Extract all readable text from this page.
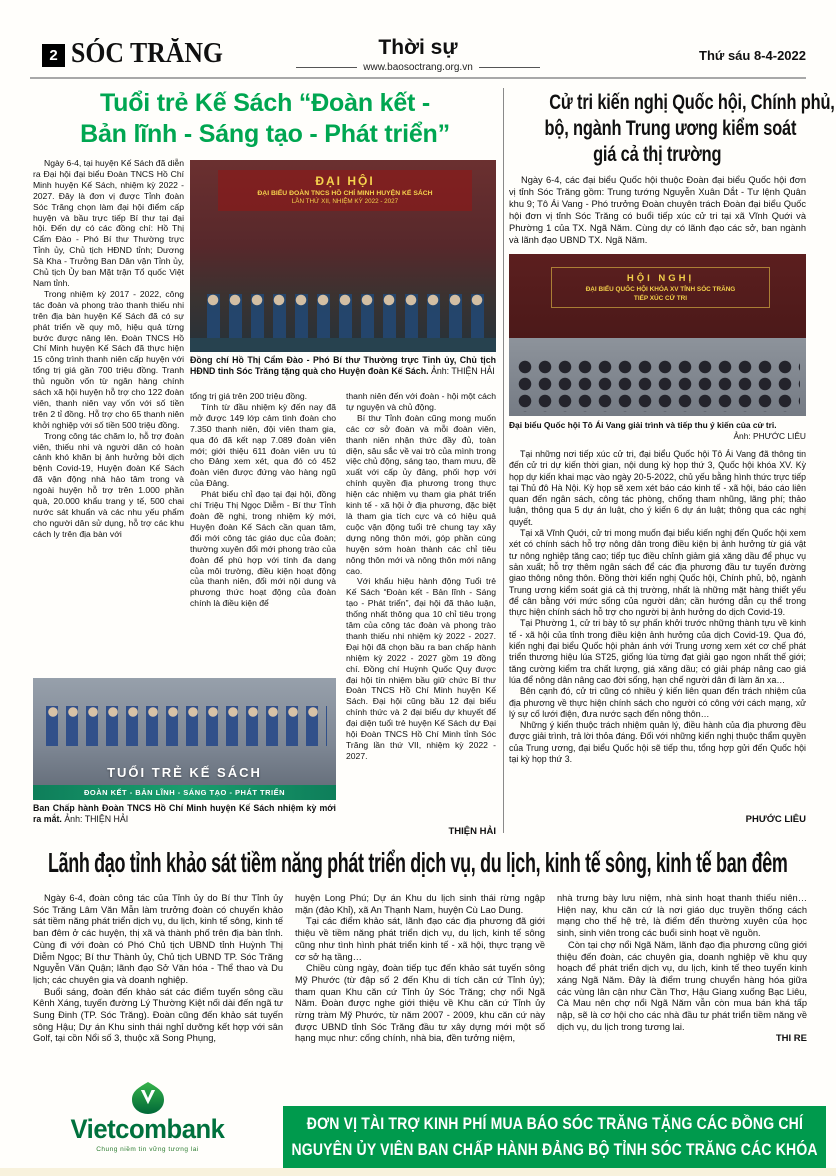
2 SÓC TRĂNG	Thời sự
www.baosoctrang.org.vn
Thứ sáu 8-4-2022
Tuổi trẻ Kế Sách “Đoàn kết -
Bản lĩnh - Sáng tạo - Phát triển”

Ngày 6-4, tại huyện Kế Sách đã diễn ra Đại hội đại biểu Đoàn TNCS Hồ Chí Minh huyện Kế Sách, nhiệm kỳ 2022 - 2027. Đây là đơn vị được Tỉnh đoàn Sóc Trăng chọn làm đại hội điểm cấp huyện và bầu trực tiếp Bí thư tại đại hội. Đến dự có các đồng chí: Hồ Thị Cẩm Đào - Phó Bí thư Thường trực Tỉnh ủy, Chủ tịch HĐND tỉnh; Dương Sà Kha - Trưởng Ban Dân vận Tỉnh ủy, Chủ tịch Ủy ban Mặt trận Tổ quốc Việt Nam tỉnh.

Trong nhiệm kỳ 2017 - 2022, công tác đoàn và phong trào thanh thiếu nhi trên địa bàn huyện Kế Sách đã có sự phát triển về quy mô, hiệu quả từng bước được nâng lên. Đoàn TNCS Hồ Chí Minh huyện Kế Sách đã thực hiện 15 công trình thanh niên cấp huyện với tổng trị giá gần 700 triệu đồng. Tranh thủ nguồn vốn từ ngân hàng chính sách xã hội huyện hỗ trợ cho 122 đoàn viên, thanh niên vay vốn với số tiền trên 2 tỉ đồng. Hỗ trợ cho 65 thanh niên khởi nghiệp với số tiền 500 triệu đồng.

Trong công tác chăm lo, hỗ trợ đoàn viên, thiếu nhi và người dân có hoàn cảnh khó khăn bị ảnh hưởng bởi dịch bệnh Covid-19, Huyện đoàn Kế Sách đã vận động nhà hảo tâm trong và ngoài huyện hỗ trợ trên 1.000 phần quà, 20.000 khẩu trang y tế, 500 chai nước sát khuẩn và các nhu yếu phẩm cho người dân sử dụng, hỗ trợ các khu cách ly trên địa bàn với

ĐẠI HỘI
ĐẠI BIỂU ĐOÀN TNCS HỒ CHÍ MINH HUYỆN KẾ SÁCH
LẦN THỨ XII, NHIỆM KỲ 2022 - 2027
Đồng chí Hồ Thị Cẩm Đào - Phó Bí thư Thường trực Tỉnh ủy, Chủ tịch HĐND tỉnh Sóc Trăng tặng quà cho Huyện đoàn Kế Sách. Ảnh: THIỆN HẢI

tổng trị giá trên 200 triệu đồng.

Tính từ đầu nhiệm kỳ đến nay đã mở được 149 lớp cảm tình đoàn cho 7.350 thanh niên, đội viên tham gia, qua đó đã kết nạp 7.089 đoàn viên mới; giới thiệu 611 đoàn viên ưu tú cho Đảng xem xét, qua đó có 452 đoàn viên được đứng vào hàng ngũ của Đảng.

Phát biểu chỉ đạo tại đại hội, đồng chí Triệu Thị Ngọc Diễm - Bí thư Tỉnh đoàn đề nghị, trong nhiệm kỳ mới, Huyện đoàn Kế Sách cần quan tâm, đổi mới công tác giáo dục của đoàn; thường xuyên đổi mới phong trào của đoàn để phù hợp với tính đa dạng của môi trường, điều kiện hoạt động của thanh niên, đổi mới nội dung và phương thức hoạt động của đoàn chính là điều kiện để

thanh niên đến với đoàn - hội một cách tự nguyện và chủ động.

Bí thư Tỉnh đoàn cũng mong muốn các cơ sở đoàn và mỗi đoàn viên, thanh niên nhận thức đầy đủ, toàn diện, sâu sắc về vai trò của mình trong việc chủ động, sáng tạo, tham mưu, đề xuất với cấp ủy đảng, phối hợp với chính quyền địa phương trong thực hiện các nhiệm vụ tham gia phát triển kinh tế - xã hội ở địa phương, đặc biệt là tham gia tích cực và có hiệu quả cuộc vận động tuổi trẻ chung tay xây dựng nông thôn mới, góp phần cùng huyện sớm hoàn thành các chỉ tiêu nông thôn mới và nông thôn mới nâng cao.

Với khẩu hiệu hành động Tuổi trẻ Kế Sách “Đoàn kết - Bản lĩnh - Sáng tạo - Phát triển”, đại hội đã thảo luận, thống nhất thông qua 10 chỉ tiêu trọng tâm của công tác đoàn và phong trào thanh thiếu nhi nhiệm kỳ 2022 - 2027. Đại hội đã chọn bầu ra ban chấp hành nhiệm kỳ 2022 - 2027 gồm 19 đồng chí. Đồng chí Huỳnh Quốc Quy được đại hội tín nhiệm bầu giữ chức Bí thư Đoàn TNCS Hồ Chí Minh huyện Kế Sách. Đại hội cũng bầu 12 đại biểu chính thức và 2 đại biểu dự khuyết để đại diện tuổi trẻ huyện Kế Sách dự Đại hội Đoàn TNCS Hồ Chí Minh tỉnh Sóc Trăng lần thứ VII, nhiệm kỳ 2022 - 2027.

THIỆN HẢI
TUỔI TRẺ KẾ SÁCH
ĐOÀN KẾT - BẢN LĨNH - SÁNG TẠO - PHÁT TRIỂN
Ban Chấp hành Đoàn TNCS Hồ Chí Minh huyện Kế Sách nhiệm kỳ mới ra mắt. Ảnh: THIỆN HẢI
Cử tri kiến nghị Quốc hội, Chính phủ,
bộ, ngành Trung ương kiểm soát
giá cả thị trường

Ngày 6-4, các đại biểu Quốc hội thuộc Đoàn đại biểu Quốc hội đơn vị tỉnh Sóc Trăng gồm: Trung tướng Nguyễn Xuân Dắt - Tư lệnh Quân khu 9; Tô Ái Vang - Phó trưởng Đoàn chuyên trách Đoàn đại biểu Quốc hội đơn vị tỉnh Sóc Trăng có buổi tiếp xúc cử tri tại xã Vĩnh Quới và Phường 1 của TX. Ngã Năm. Cùng dự có lãnh đạo các sở, ban ngành và lãnh đạo UBND TX. Ngã Năm.

HỘI NGHỊ
ĐẠI BIỂU QUỐC HỘI KHÓA XV TỈNH SÓC TRĂNG
TIẾP XÚC CỬ TRI
Đại biểu Quốc hội Tô Ái Vang giải trình và tiếp thu ý kiến của cử tri.
Ảnh: PHƯỚC LIÊU

Tại những nơi tiếp xúc cử tri, đại biểu Quốc hội Tô Ái Vang đã thông tin đến cử tri dự kiến thời gian, nội dung kỳ họp thứ 3, Quốc hội khóa XV. Kỳ họp dự kiến khai mạc vào ngày 20-5-2022, chủ yếu bằng hình thức trực tiếp tại Thủ đô Hà Nội. Kỳ họp sẽ xem xét báo cáo kinh tế - xã hội, báo cáo liên quan đến ngân sách, công tác phòng, chống tham nhũng, lãng phí; thảo luận, thông qua 5 dự án luật, cho ý kiến 6 dự án luật; thông qua các nghị quyết.

Tại xã Vĩnh Quới, cử tri mong muốn đại biểu kiến nghị đến Quốc hội xem xét có chính sách hỗ trợ nông dân trong điều kiện bị ảnh hưởng từ giá vật tư nông nghiệp tăng cao; tiếp tục điều chỉnh giảm giá xăng dầu để phục vụ sản xuất; hỗ trợ thêm ngân sách để các địa phương đầu tư tuyến đường giao thông nông thôn. Đồng thời kiến nghị Quốc hội, Chính phủ, bộ, ngành Trung ương kiểm soát giá cả thị trường, nhất là những mặt hàng thiết yếu để cân bằng với mức sống của người dân; cần hướng dẫn cụ thể trong thực hiện chính sách hỗ trợ cho người bị ảnh hưởng do dịch Covid-19.

Tại Phường 1, cử tri bày tỏ sự phấn khởi trước những thành tựu về kinh tế - xã hội của tỉnh trong điều kiện ảnh hưởng của dịch Covid-19. Qua đó, kiến nghị đại biểu Quốc hội phản ánh với Trung ương xem xét cơ chế phát triển thương hiệu lúa ST25, giống lúa từng đạt giải gạo ngon nhất thế giới; tăng cường kiểm tra chất lượng, giá xăng dầu; có giải pháp nâng cao giá lúa để nông dân nâng cao đời sống, hạn chế người dân đi làm ăn xa…

Bên cạnh đó, cử tri cũng có nhiều ý kiến liên quan đến trách nhiệm của địa phương về thực hiện chính sách cho người có công với cách mạng, xử lý sự cố lưới điện, đưa nước sạch đến nông thôn…

Những ý kiến thuộc trách nhiệm quản lý, điều hành của địa phương đều được giải trình, trả lời thỏa đáng. Đối với những kiến nghị thuộc thẩm quyền của Trung ương, đại biểu Quốc hội sẽ tiếp thu, tổng hợp gửi đến Quốc hội tại kỳ họp thứ 3.

PHƯỚC LIÊU
Lãnh đạo tỉnh khảo sát tiềm năng phát triển dịch vụ, du lịch, kinh tế sông, kinh tế ban đêm

Ngày 6-4, đoàn công tác của Tỉnh ủy do Bí thư Tỉnh ủy Sóc Trăng Lâm Văn Mẫn làm trưởng đoàn có chuyến khảo sát tiềm năng phát triển dịch vụ, du lịch, kinh tế sông, kinh tế ban đêm ở các huyện, thị xã và thành phố trên địa bàn tỉnh. Cùng đi với đoàn có Phó Chủ tịch UBND tỉnh Huỳnh Thị Diễm Ngọc; Bí thư Thành ủy, Chủ tịch UBND TP. Sóc Trăng Nguyễn Văn Quận; lãnh đạo Sở Văn hóa - Thể thao và Du lịch; các chuyên gia và doanh nghiệp.

Buổi sáng, đoàn đến khảo sát các điểm tuyến sông cầu Kênh Xáng, tuyến đường Lý Thường Kiệt nối dài đến ngã tư Sung Đinh (TP. Sóc Trăng). Đoàn cũng đến khảo sát tuyến sông Hậu; Dự án Khu sinh thái nghỉ dưỡng kết hợp với sân Golf, tại cồn Nổi số 3, thuộc xã Song Phụng,

huyện Long Phú; Dự án Khu du lịch sinh thái rừng ngập mặn (đảo Khỉ), xã An Thạnh Nam, huyện Cù Lao Dung.

Tại các điểm khảo sát, lãnh đạo các địa phương đã giới thiệu về tiềm năng phát triển dịch vụ, du lịch, kinh tế sông cũng như tình hình phát triển kinh tế - xã hội, thực trạng về cơ sở hạ tầng…

Chiều cùng ngày, đoàn tiếp tục đến khảo sát tuyến sông Mỹ Phước (từ đập số 2 đến Khu di tích căn cứ Tỉnh ủy); tham quan Khu căn cứ Tỉnh ủy Sóc Trăng; chợ nổi Ngã Năm. Đoàn được nghe giới thiệu về Khu căn cứ Tỉnh ủy rừng tràm Mỹ Phước, từ năm 2007 - 2009, khu căn cứ này được UBND tỉnh Sóc Trăng đầu tư xây dựng mới một số hạng mục như: cống chính, nhà bia, đền tưởng niệm,

nhà trưng bày lưu niệm, nhà sinh hoạt thanh thiếu niên… Hiện nay, khu căn cứ là nơi giáo dục truyền thống cách mạng cho thế hệ trẻ, là điểm đến thường xuyên của học sinh, sinh viên trong các buổi sinh hoạt về nguồn.

Còn tại chợ nổi Ngã Năm, lãnh đạo địa phương cũng giới thiệu đến đoàn, các chuyên gia, doanh nghiệp về khu quy hoạch để phát triển dịch vụ, du lịch, kinh tế theo tuyến kinh xáng Ngã Năm. Đây là điểm trung chuyển hàng hóa giữa các vùng lân cận như Cần Thơ, Hậu Giang xuống Bạc Liêu, Cà Mau nên chợ nổi Ngã Năm vẫn còn mua bán khá tấp nập, sẽ là cơ hội cho các nhà đầu tư phát triển tiềm năng về dịch vụ, du lịch trong tương lai.

THI RE

Vietcombank
Chung niềm tin vững tương lai
ĐƠN VỊ TÀI TRỢ KINH PHÍ MUA BÁO SÓC TRĂNG TẶNG CÁC ĐỒNG CHÍ
NGUYÊN ỦY VIÊN BAN CHẤP HÀNH ĐẢNG BỘ TỈNH SÓC TRĂNG CÁC KHÓA
